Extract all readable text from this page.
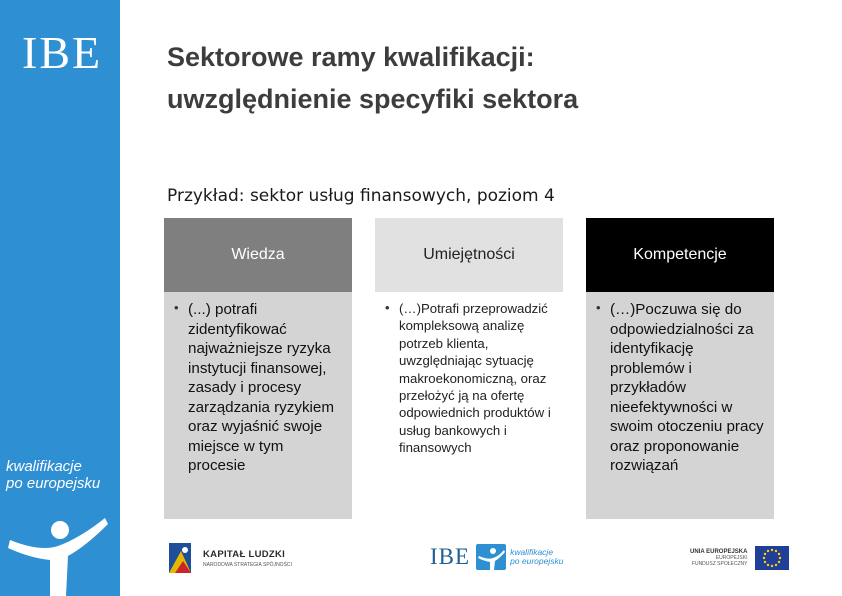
IBE
kwalifikacje
po europejsku
Sektorowe ramy kwalifikacji:
uwzględnienie specyfiki sektora
Przykład: sektor usług finansowych, poziom 4
Wiedza
• (...) potrafi zidentyfikować najważniejsze ryzyka instytucji finansowej, zasady i procesy zarządzania ryzykiem oraz wyjaśnić swoje miejsce w tym procesie
Umiejętności
• (…)Potrafi przeprowadzić kompleksową analizę potrzeb klienta, uwzględniając sytuację makroekonomiczną, oraz przełożyć ją na ofertę odpowiednich produktów i usług bankowych i finansowych
Kompetencje
• (…)Poczuwa się do odpowiedzialności za identyfikację problemów i przykładów nieefektywności w swoim otoczeniu pracy oraz proponowanie rozwiązań
KAPITAŁ LUDZKI
NARODOWA STRATEGIA SPÓJNOŚCI	IBE	kwalifikacje
po europejsku
UNIA EUROPEJSKA
EUROPEJSKI
FUNDUSZ SPOŁECZNY
